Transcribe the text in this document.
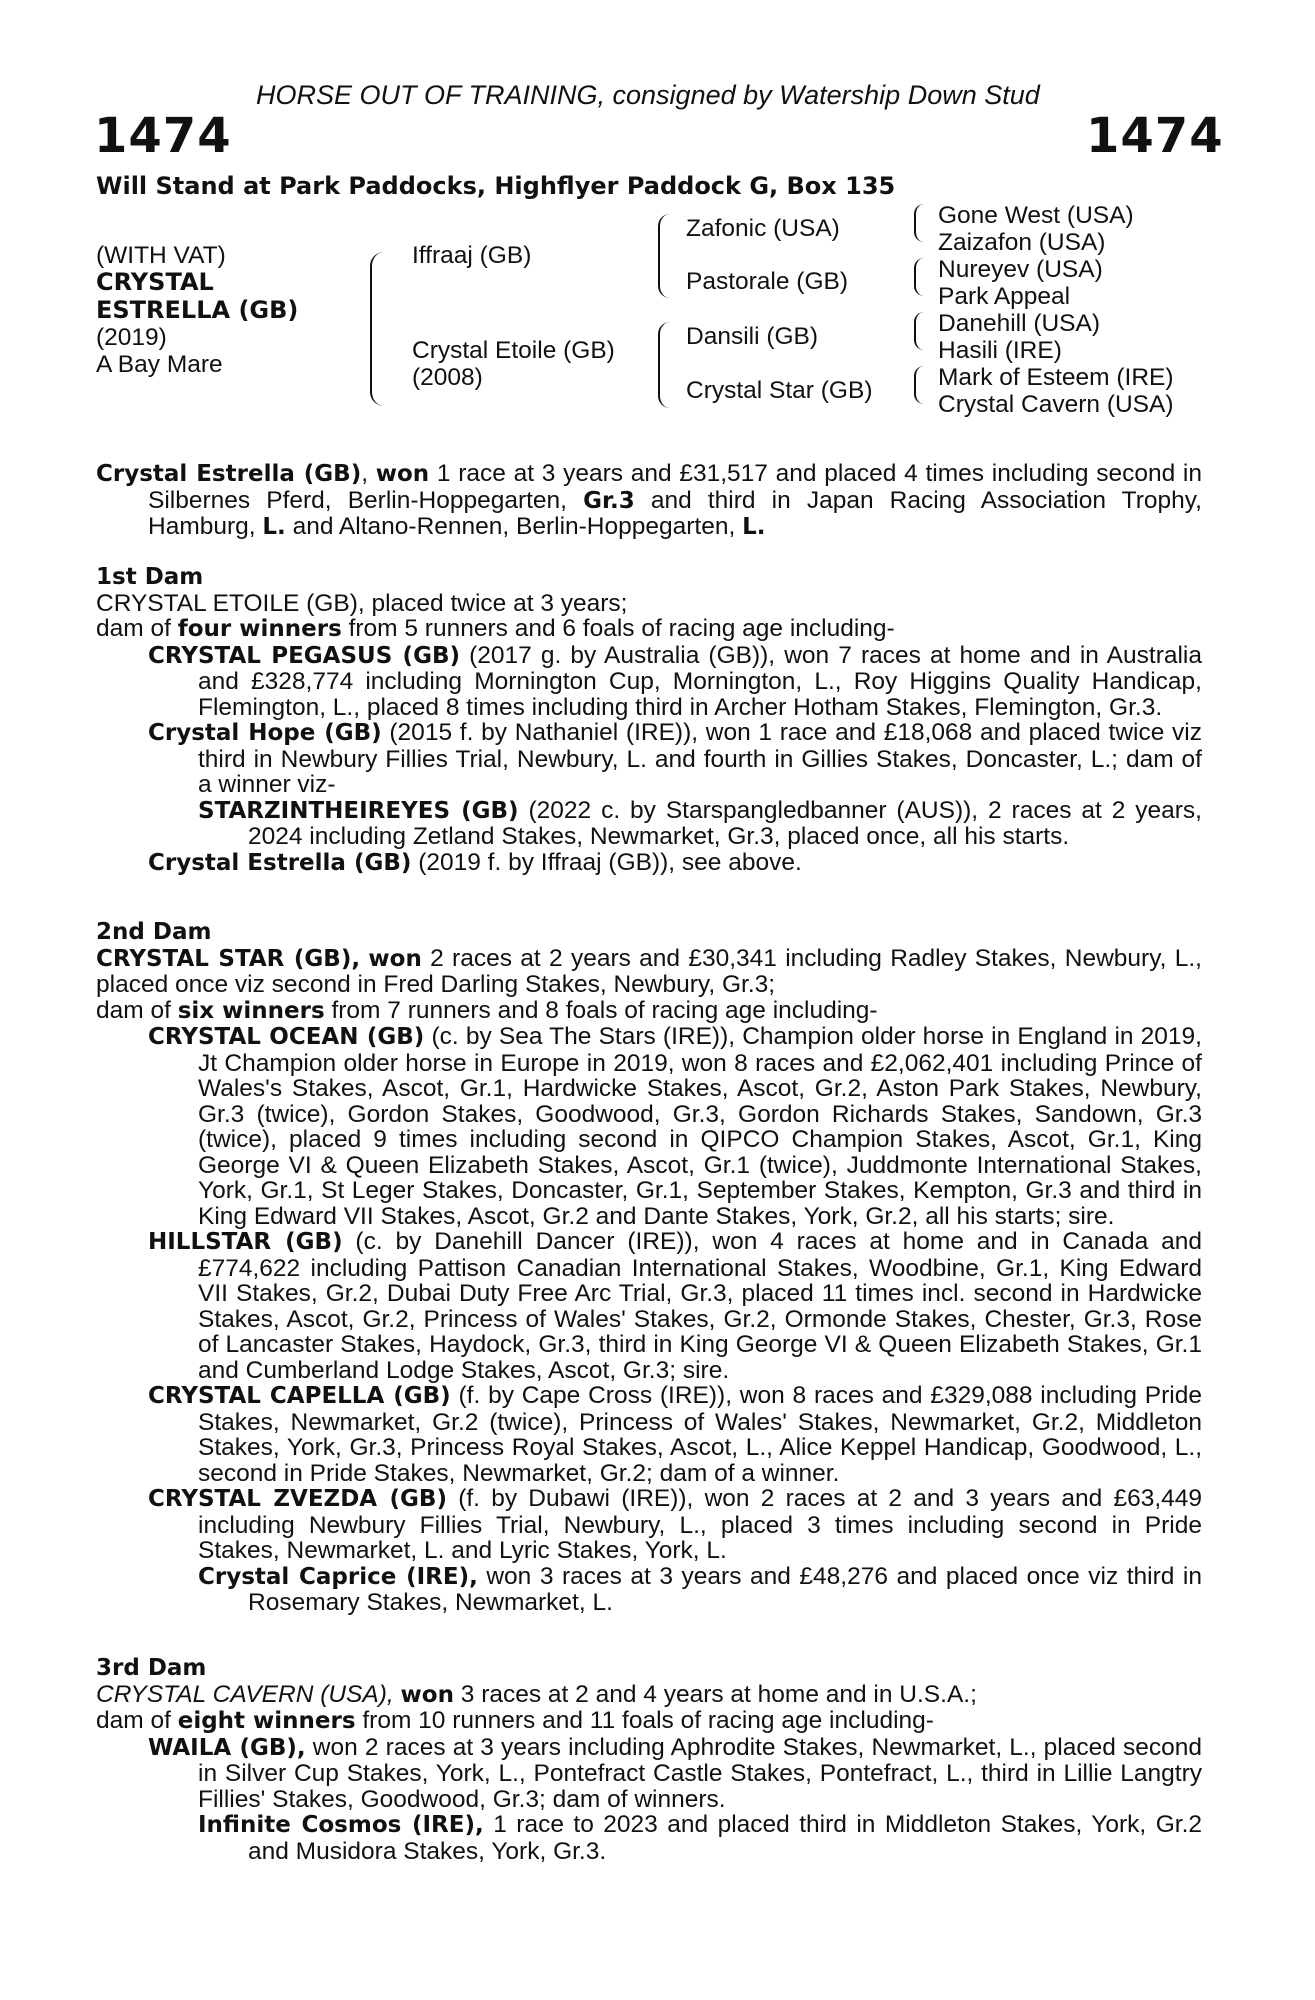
HORSE OUT OF TRAINING, consigned by Watership Down Stud
1474	1474
Will Stand at Park Paddocks, Highflyer Paddock G, Box 135
(WITH VAT)
CRYSTAL
ESTRELLA (GB)
(2019)
A Bay Mare
Iffraaj (GB)
Crystal Etoile (GB)
(2008)
Zafonic (USA)
Pastorale (GB)
Dansili (GB)
Crystal Star (GB)
Gone West (USA)
Zaizafon (USA)
Nureyev (USA)
Park Appeal
Danehill (USA)
Hasili (IRE)
Mark of Esteem (IRE)
Crystal Cavern (USA)
Crystal Estrella (GB), won 1 race at 3 years and £31,517 and placed 4 times including second in Silbernes Pferd, Berlin-Hoppegarten, Gr.3 and third in Japan Racing Association Trophy, Hamburg, L. and Altano-Rennen, Berlin-Hoppegarten, L.
1st Dam
CRYSTAL ETOILE (GB), placed twice at 3 years;
dam of four winners from 5 runners and 6 foals of racing age including-
CRYSTAL PEGASUS (GB) (2017 g. by Australia (GB)), won 7 races at home and in Australia and £328,774 including Mornington Cup, Mornington, L., Roy Higgins Quality Handicap, Flemington, L., placed 8 times including third in Archer Hotham Stakes, Flemington, Gr.3.
Crystal Hope (GB) (2015 f. by Nathaniel (IRE)), won 1 race and £18,068 and placed twice viz third in Newbury Fillies Trial, Newbury, L. and fourth in Gillies Stakes, Doncaster, L.; dam of a winner viz-
STARZINTHEIREYES (GB) (2022 c. by Starspangledbanner (AUS)), 2 races at 2 years, 2024 including Zetland Stakes, Newmarket, Gr.3, placed once, all his starts.
Crystal Estrella (GB) (2019 f. by Iffraaj (GB)), see above.
2nd Dam
CRYSTAL STAR (GB), won 2 races at 2 years and £30,341 including Radley Stakes, Newbury, L., placed once viz second in Fred Darling Stakes, Newbury, Gr.3;
dam of six winners from 7 runners and 8 foals of racing age including-
CRYSTAL OCEAN (GB) (c. by Sea The Stars (IRE)), Champion older horse in England in 2019, Jt Champion older horse in Europe in 2019, won 8 races and £2,062,401 including Prince of Wales's Stakes, Ascot, Gr.1, Hardwicke Stakes, Ascot, Gr.2, Aston Park Stakes, Newbury, Gr.3 (twice), Gordon Stakes, Goodwood, Gr.3, Gordon Richards Stakes, Sandown, Gr.3 (twice), placed 9 times including second in QIPCO Champion Stakes, Ascot, Gr.1, King George VI & Queen Elizabeth Stakes, Ascot, Gr.1 (twice), Juddmonte International Stakes, York, Gr.1, St Leger Stakes, Doncaster, Gr.1, September Stakes, Kempton, Gr.3 and third in King Edward VII Stakes, Ascot, Gr.2 and Dante Stakes, York, Gr.2, all his starts; sire.
HILLSTAR (GB) (c. by Danehill Dancer (IRE)), won 4 races at home and in Canada and £774,622 including Pattison Canadian International Stakes, Woodbine, Gr.1, King Edward VII Stakes, Gr.2, Dubai Duty Free Arc Trial, Gr.3, placed 11 times incl. second in Hardwicke Stakes, Ascot, Gr.2, Princess of Wales' Stakes, Gr.2, Ormonde Stakes, Chester, Gr.3, Rose of Lancaster Stakes, Haydock, Gr.3, third in King George VI & Queen Elizabeth Stakes, Gr.1 and Cumberland Lodge Stakes, Ascot, Gr.3; sire.
CRYSTAL CAPELLA (GB) (f. by Cape Cross (IRE)), won 8 races and £329,088 including Pride Stakes, Newmarket, Gr.2 (twice), Princess of Wales' Stakes, Newmarket, Gr.2, Middleton Stakes, York, Gr.3, Princess Royal Stakes, Ascot, L., Alice Keppel Handicap, Goodwood, L., second in Pride Stakes, Newmarket, Gr.2; dam of a winner.
CRYSTAL ZVEZDA (GB) (f. by Dubawi (IRE)), won 2 races at 2 and 3 years and £63,449 including Newbury Fillies Trial, Newbury, L., placed 3 times including second in Pride Stakes, Newmarket, L. and Lyric Stakes, York, L.
Crystal Caprice (IRE), won 3 races at 3 years and £48,276 and placed once viz third in Rosemary Stakes, Newmarket, L.
3rd Dam
CRYSTAL CAVERN (USA), won 3 races at 2 and 4 years at home and in U.S.A.;
dam of eight winners from 10 runners and 11 foals of racing age including-
WAILA (GB), won 2 races at 3 years including Aphrodite Stakes, Newmarket, L., placed second in Silver Cup Stakes, York, L., Pontefract Castle Stakes, Pontefract, L., third in Lillie Langtry Fillies' Stakes, Goodwood, Gr.3; dam of winners.
Infinite Cosmos (IRE), 1 race to 2023 and placed third in Middleton Stakes, York, Gr.2 and Musidora Stakes, York, Gr.3.
